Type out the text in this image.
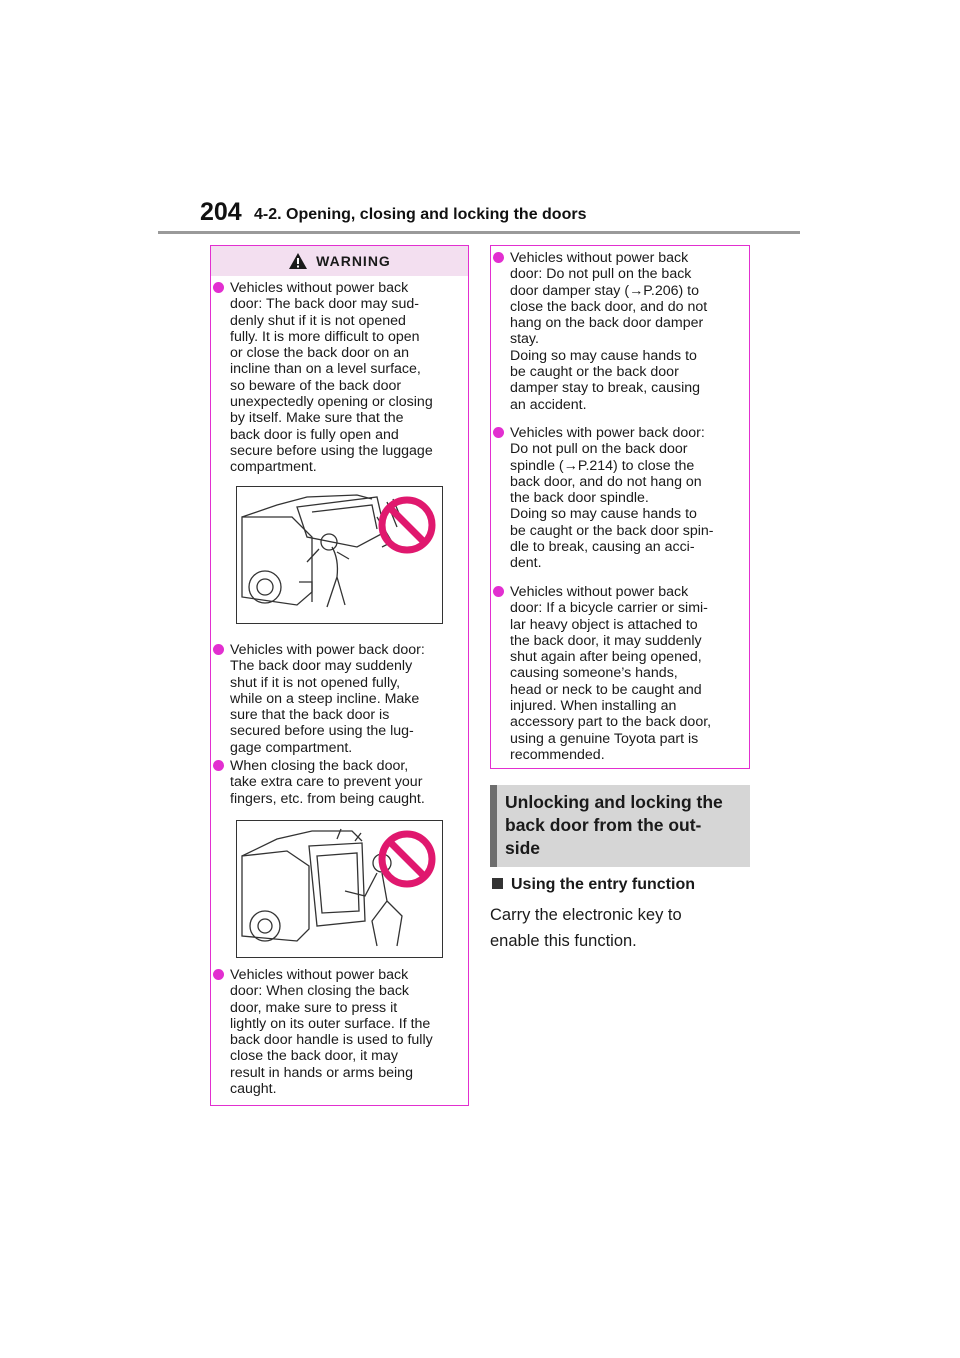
204 4-2. Opening, closing and locking the doors
WARNING
Vehicles without power back
door: The back door may sud-
denly shut if it is not opened
fully. It is more difficult to open
or close the back door on an
incline than on a level surface,
so beware of the back door
unexpectedly opening or closing
by itself. Make sure that the
back door is fully open and
secure before using the luggage
compartment.
Vehicles with power back door:
The back door may suddenly
shut if it is not opened fully,
while on a steep incline. Make
sure that the back door is
secured before using the lug-
gage compartment.
When closing the back door,
take extra care to prevent your
fingers, etc. from being caught.
Vehicles without power back
door: When closing the back
door, make sure to press it
lightly on its outer surface. If the
back door handle is used to fully
close the back door, it may
result in hands or arms being
caught.
Vehicles without power back
door: Do not pull on the back
door damper stay (→P.206) to
close the back door, and do not
hang on the back door damper
stay.
Doing so may cause hands to
be caught or the back door
damper stay to break, causing
an accident.
Vehicles with power back door:
Do not pull on the back door
spindle (→P.214) to close the
back door, and do not hang on
the back door spindle.
Doing so may cause hands to
be caught or the back door spin-
dle to break, causing an acci-
dent.
Vehicles without power back
door: If a bicycle carrier or simi-
lar heavy object is attached to
the back door, it may suddenly
shut again after being opened,
causing someone’s hands,
head or neck to be caught and
injured. When installing an
accessory part to the back door,
using a genuine Toyota part is
recommended.
Unlocking and locking the
back door from the out-
side
Using the entry function
Carry the electronic key to
enable this function.
